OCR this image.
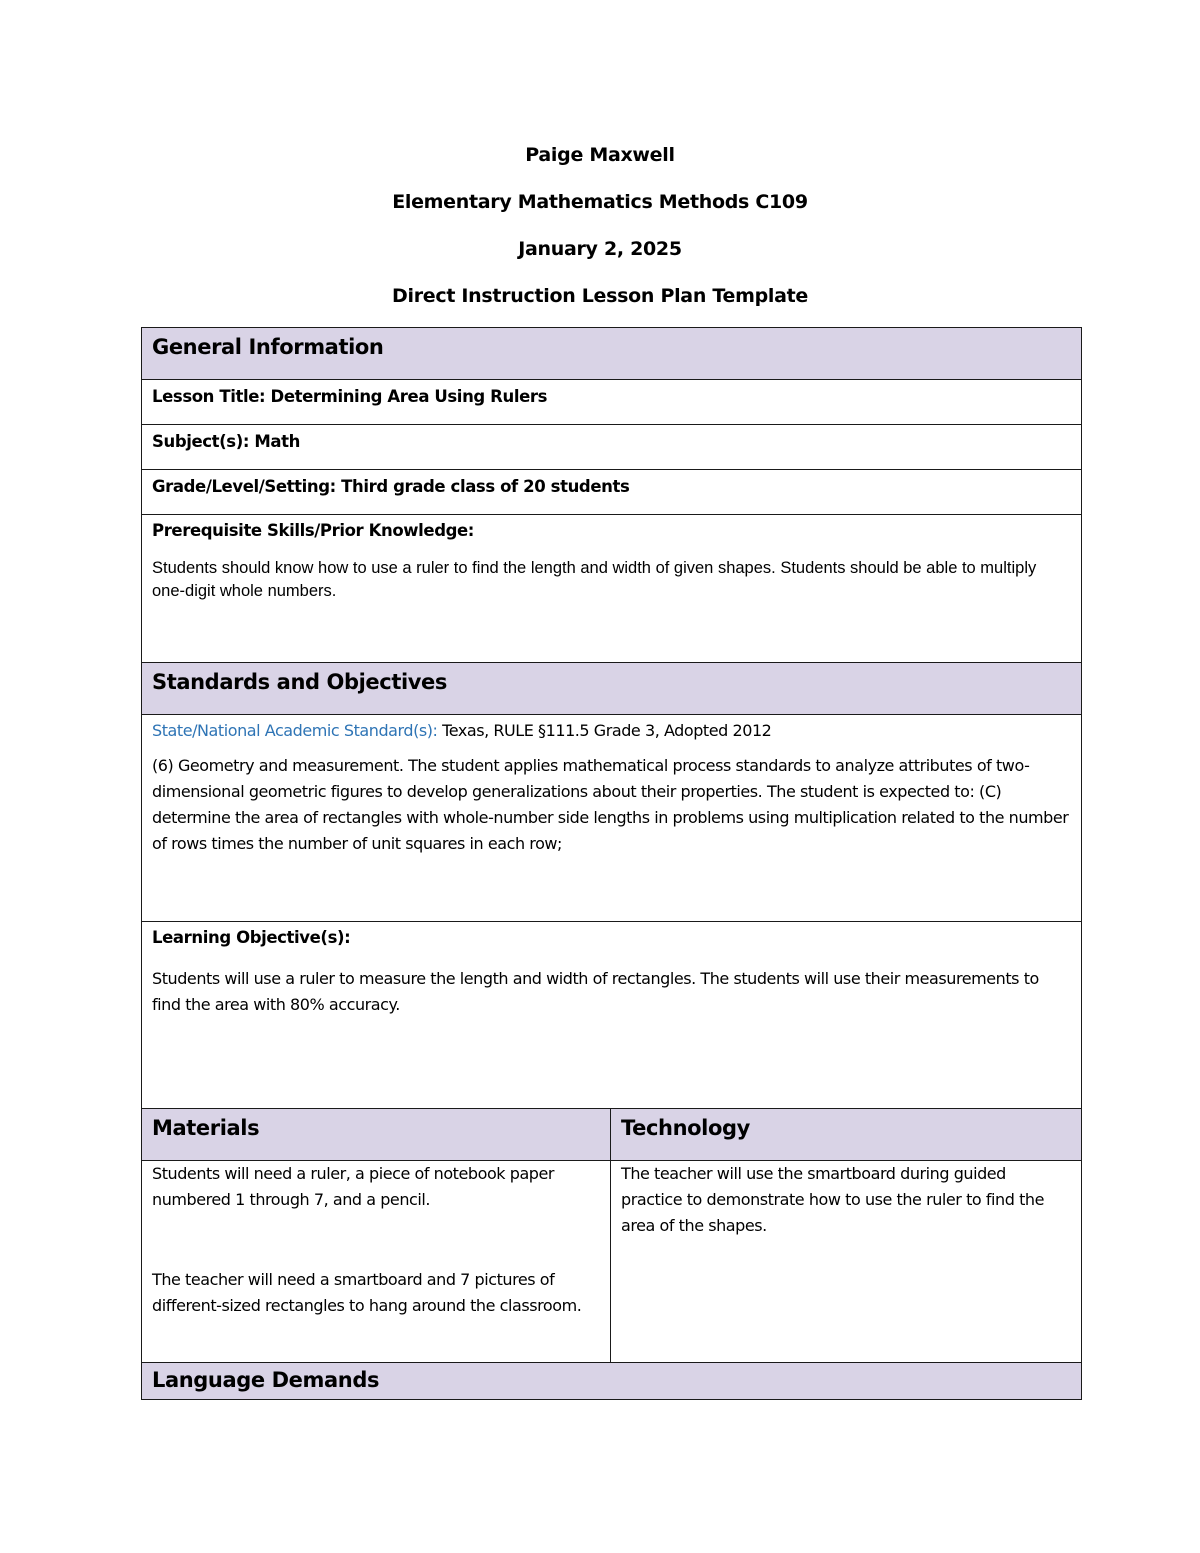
Paige Maxwell
Elementary Mathematics Methods C109
January 2, 2025
Direct Instruction Lesson Plan Template
General Information	
Lesson Title: Determining Area Using Rulers	
Subject(s): Math	
Grade/Level/Setting: Third grade class of 20 students	

Prerequisite Skills/Prior Knowledge:
Students should know how to use a ruler to find the length and width of given shapes. Students should be able to multiply one-digit whole numbers.	

Standards and Objectives	

State/National Academic Standard(s): Texas, RULE §111.5 Grade 3, Adopted 2012
(6) Geometry and measurement. The student applies mathematical process standards to analyze attributes of two-dimensional geometric figures to develop generalizations about their properties. The student is expected to: (C) determine the area of rectangles with whole-number side lengths in problems using multiplication related to the number of rows times the number of unit squares in each row;	

Learning Objective(s):
Students will use a ruler to measure the length and width of rectangles. The students will use their measurements to find the area with 80% accuracy.	

Materials	Technology

Students will need a ruler, a piece of notebook paper numbered 1 through 7, and a pencil.
The teacher will need a smartboard and 7 pictures of different-sized rectangles to hang around the classroom.	The teacher will use the smartboard during guided practice to demonstrate how to use the ruler to find the area of the shapes.

Language Demands	
